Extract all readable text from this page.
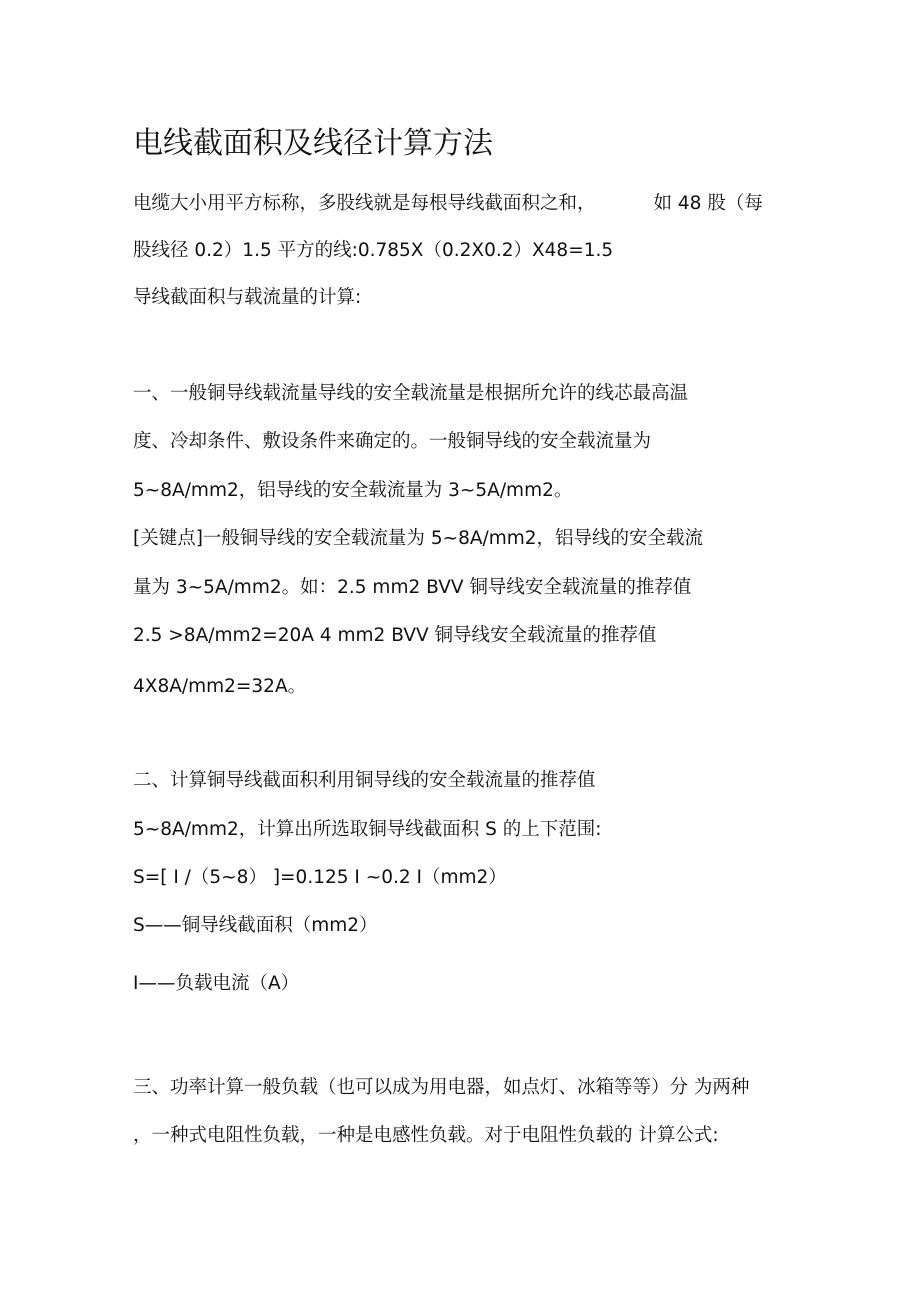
电线截面积及线径计算方法
电缆大小用平方标称，多股线就是每根导线截面积之和，	如 48 股（每
股线径 0.2）1.5 平方的线:0.785X（0.2X0.2）X48=1.5
导线截面积与载流量的计算:
一、一般铜导线载流量导线的安全载流量是根据所允许的线芯最高温
度、冷却条件、敷设条件来确定的。一般铜导线的安全载流量为
5~8A/mm2，铝导线的安全载流量为 3~5A/mm2。
[关键点]一般铜导线的安全载流量为 5~8A/mm2，铝导线的安全载流
量为 3~5A/mm2。如：2.5 mm2 BVV 铜导线安全载流量的推荐值
2.5 >8A/mm2=20A 4 mm2 BVV 铜导线安全载流量的推荐值
4X8A/mm2=32A。
二、计算铜导线截面积利用铜导线的安全载流量的推荐值
5~8A/mm2，计算出所选取铜导线截面积 S 的上下范围:
S=[ I /（5~8） ]=0.125 I ~0.2 I（mm2）
S——铜导线截面积（mm2）
I——负载电流（A）
三、功率计算一般负载（也可以成为用电器，如点灯、冰箱等等）分 为两种
，一种式电阻性负载，一种是电感性负载。对于电阻性负载的 计算公式:
